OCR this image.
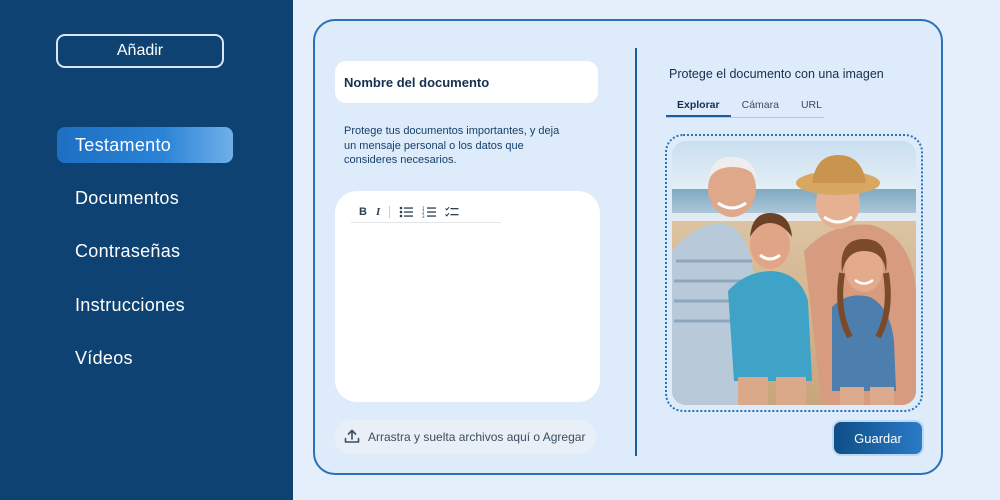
Añadir
Testamento
Documentos
Contraseñas
Instrucciones
Vídeos
Nombre del documento
Protege tus documentos importantes, y deja un mensaje personal o los datos que consideres necesarios.
B I	1
2
3
Arrastra y suelta archivos aquí o Agregar
Protege el documento con una imagen
Explorar	Cámara	URL
Guardar
